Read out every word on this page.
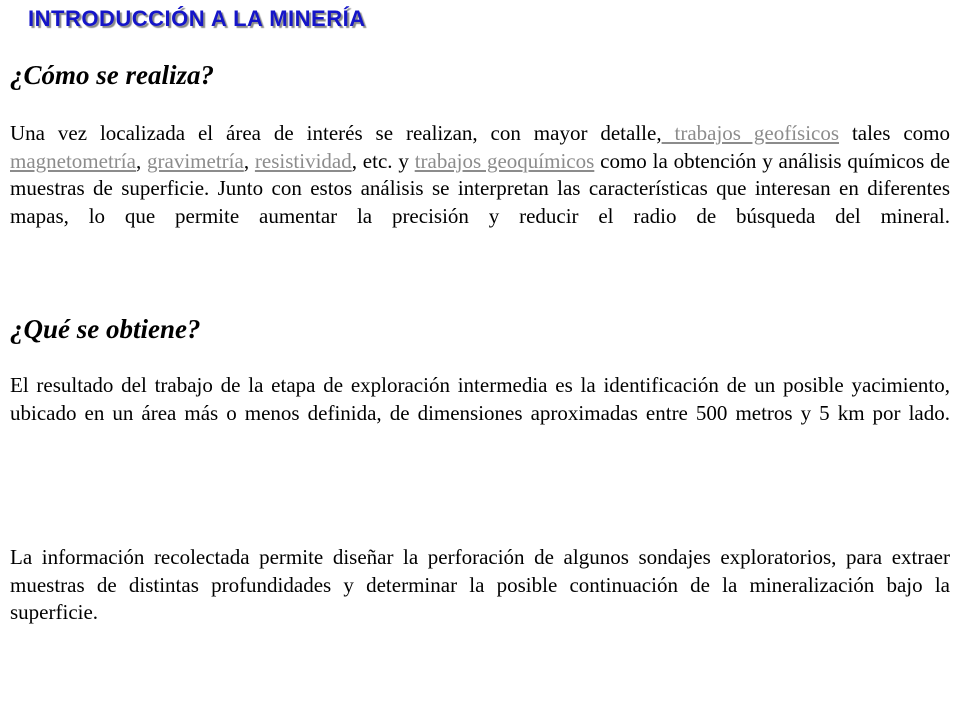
INTRODUCCIÓN A LA MINERÍA
¿Cómo se realiza?

Una vez localizada el área de interés se realizan, con mayor detalle, trabajos geofísicos tales como magnetometría, gravimetría, resistividad, etc. y trabajos geoquímicos como la obtención y análisis químicos de muestras de superficie. Junto con estos análisis se interpretan las características que interesan en diferentes mapas, lo que permite aumentar la precisión y reducir el radio de búsqueda del mineral.

¿Qué se obtiene?

El resultado del trabajo de la etapa de exploración intermedia es la identificación de un posible yacimiento, ubicado en un área más o menos definida, de dimensiones aproximadas entre 500 metros y 5 km por lado.

La información recolectada permite diseñar la perforación de algunos sondajes exploratorios, para extraer muestras de distintas profundidades y determinar la posible continuación de la mineralización bajo la superficie.
